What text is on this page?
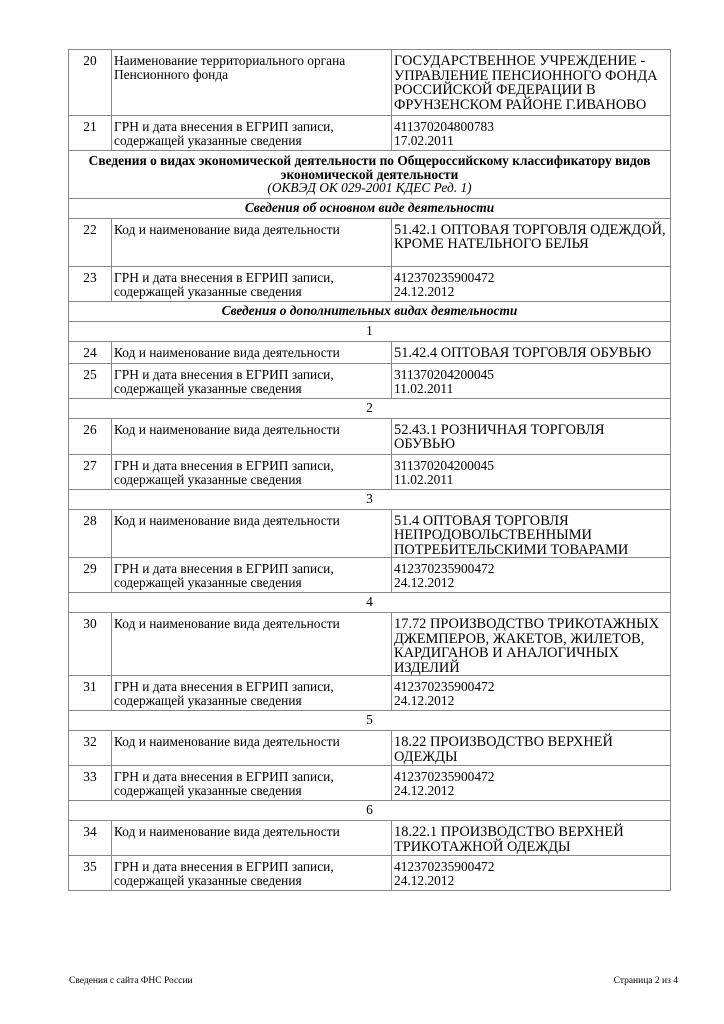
20	Наименование территориального органа Пенсионного фонда	ГОСУДАРСТВЕННОЕ УЧРЕЖДЕНИЕ - УПРАВЛЕНИЕ ПЕНСИОННОГО ФОНДА РОССИЙСКОЙ ФЕДЕРАЦИИ В ФРУНЗЕНСКОМ РАЙОНЕ Г.ИВАНОВО
21	ГРН и дата внесения в ЕГРИП записи, содержащей указанные сведения	411370204800783
17.02.2011

Сведения о видах экономической деятельности по Общероссийскому классификатору видов экономической деятельности
(ОКВЭД ОК 029-2001 КДЕС Ред. 1)		

Сведения об основном виде деятельности		
22	Код и наименование вида деятельности	51.42.1 ОПТОВАЯ ТОРГОВЛЯ ОДЕЖДОЙ, КРОМЕ НАТЕЛЬНОГО БЕЛЬЯ
23	ГРН и дата внесения в ЕГРИП записи, содержащей указанные сведения	412370235900472
24.12.2012

Сведения о дополнительных видах деятельности		
1		
24	Код и наименование вида деятельности	51.42.4 ОПТОВАЯ ТОРГОВЛЯ ОБУВЬЮ
25	ГРН и дата внесения в ЕГРИП записи, содержащей указанные сведения	311370204200045
11.02.2011

2		
26	Код и наименование вида деятельности	52.43.1 РОЗНИЧНАЯ ТОРГОВЛЯ ОБУВЬЮ
27	ГРН и дата внесения в ЕГРИП записи, содержащей указанные сведения	311370204200045
11.02.2011

3		
28	Код и наименование вида деятельности	51.4 ОПТОВАЯ ТОРГОВЛЯ НЕПРОДОВОЛЬСТВЕННЫМИ ПОТРЕБИТЕЛЬСКИМИ ТОВАРАМИ
29	ГРН и дата внесения в ЕГРИП записи, содержащей указанные сведения	412370235900472
24.12.2012

4		
30	Код и наименование вида деятельности	17.72 ПРОИЗВОДСТВО ТРИКОТАЖНЫХ ДЖЕМПЕРОВ, ЖАКЕТОВ, ЖИЛЕТОВ, КАРДИГАНОВ И АНАЛОГИЧНЫХ ИЗДЕЛИЙ
31	ГРН и дата внесения в ЕГРИП записи, содержащей указанные сведения	412370235900472
24.12.2012

5		
32	Код и наименование вида деятельности	18.22 ПРОИЗВОДСТВО ВЕРХНЕЙ ОДЕЖДЫ
33	ГРН и дата внесения в ЕГРИП записи, содержащей указанные сведения	412370235900472
24.12.2012

6		
34	Код и наименование вида деятельности	18.22.1 ПРОИЗВОДСТВО ВЕРХНЕЙ ТРИКОТАЖНОЙ ОДЕЖДЫ
35	ГРН и дата внесения в ЕГРИП записи, содержащей указанные сведения	412370235900472
24.12.2012
Сведения с сайта ФНС России	Страница 2 из 4
